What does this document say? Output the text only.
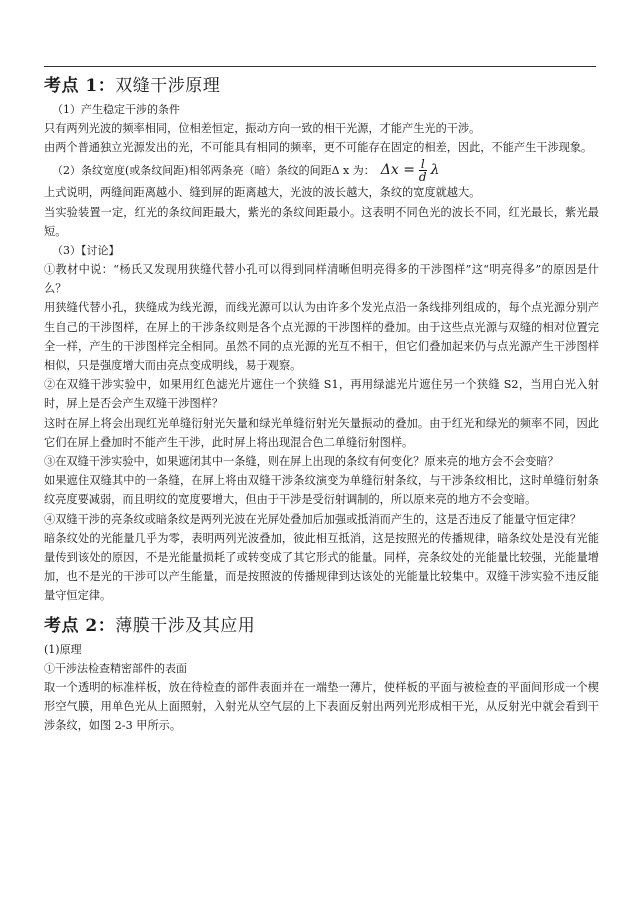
考点 1：双缝干涉原理

（1）产生稳定干涉的条件

只有两列光波的频率相同，位相差恒定，振动方向一致的相干光源，才能产生光的干涉。

由两个普通独立光源发出的光，不可能具有相同的频率，更不可能存在固定的相差，因此，不能产生干涉现象。

（2）条纹宽度(或条纹间距)相邻两条亮（暗）条纹的间距Δ x 为： $\Delta x = \frac{l}{d}$ λ

上式说明，两缝间距离越小、缝到屏的距离越大，光波的波长越大，条纹的宽度就越大。

当实验装置一定，红光的条纹间距最大，紫光的条纹间距最小。这表明不同色光的波长不同，红光最长，紫光最短。

（3）【讨论】

①教材中说：“杨氏又发现用狭缝代替小孔可以得到同样清晰但明亮得多的干涉图样”这“明亮得多”的原因是什么？

用狭缝代替小孔，狭缝成为线光源，而线光源可以认为由许多个发光点沿一条线排列组成的，每个点光源分别产生自己的干涉图样，在屏上的干涉条纹则是各个点光源的干涉图样的叠加。由于这些点光源与双缝的相对位置完全一样，产生的干涉图样完全相同。虽然不同的点光源的光互不相干，但它们叠加起来仍与点光源产生干涉图样相似，只是强度增大而由亮点变成明线，易于观察。

②在双缝干涉实验中，如果用红色滤光片遮住一个狭缝 S1，再用绿滤光片遮住另一个狭缝 S2，当用白光入射时，屏上是否会产生双缝干涉图样？

这时在屏上将会出现红光单缝衍射光矢量和绿光单缝衍射光矢量振动的叠加。由于红光和绿光的频率不同，因此它们在屏上叠加时不能产生干涉，此时屏上将出现混合色二单缝衍射图样。

③在双缝干涉实验中，如果遮闭其中一条缝，则在屏上出现的条纹有何变化？原来亮的地方会不会变暗？

如果遮住双缝其中的一条缝，在屏上将由双缝干涉条纹演变为单缝衍射条纹，与干涉条纹相比，这时单缝衍射条纹亮度要减弱，而且明纹的宽度要增大，但由于干涉是受衍射调制的，所以原来亮的地方不会变暗。

④双缝干涉的亮条纹或暗条纹是两列光波在光屏处叠加后加强或抵消而产生的，这是否违反了能量守恒定律？

暗条纹处的光能量几乎为零，表明两列光波叠加，彼此相互抵消，这是按照光的传播规律，暗条纹处是没有光能量传到该处的原因，不是光能量损耗了或转变成了其它形式的能量。同样，亮条纹处的光能量比较强，光能量增加，也不是光的干涉可以产生能量，而是按照波的传播规律到达该处的光能量比较集中。双缝干涉实验不违反能量守恒定律。

考点 2：薄膜干涉及其应用

(1)原理

①干涉法检查精密部件的表面

取一个透明的标准样板，放在待检查的部件表面并在一端垫一薄片，使样板的平面与被检查的平面间形成一个楔形空气膜，用单色光从上面照射，入射光从空气层的上下表面反射出两列光形成相干光，从反射光中就会看到干涉条纹，如图 2-3 甲所示。
